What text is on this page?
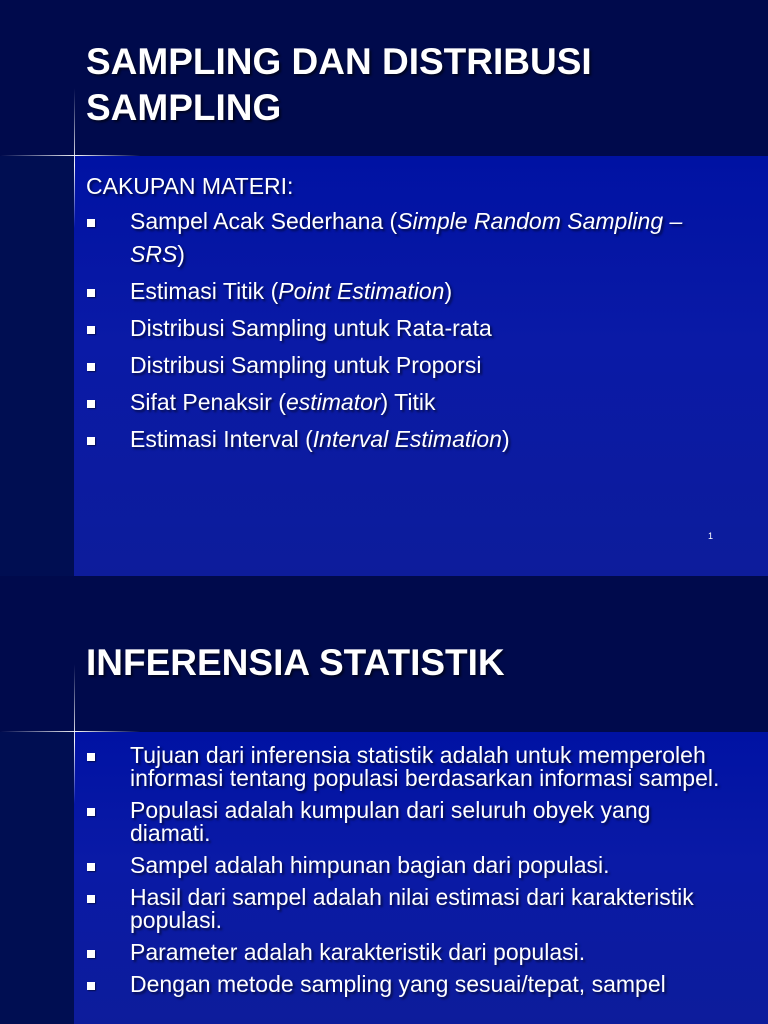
SAMPLING DAN DISTRIBUSI SAMPLING
CAKUPAN MATERI:
Sampel Acak Sederhana (Simple Random Sampling – SRS)
Estimasi Titik (Point Estimation)
Distribusi Sampling untuk Rata-rata
Distribusi Sampling untuk Proporsi
Sifat Penaksir (estimator) Titik
Estimasi Interval (Interval Estimation)
1
INFERENSIA STATISTIK
Tujuan dari inferensia statistik adalah untuk memperoleh informasi tentang populasi berdasarkan informasi sampel.
Populasi adalah kumpulan dari seluruh obyek yang diamati.
Sampel adalah himpunan bagian dari populasi.
Hasil dari sampel adalah nilai estimasi dari karakteristik populasi.
Parameter adalah karakteristik dari populasi.
Dengan metode sampling yang sesuai/tepat, sampel
